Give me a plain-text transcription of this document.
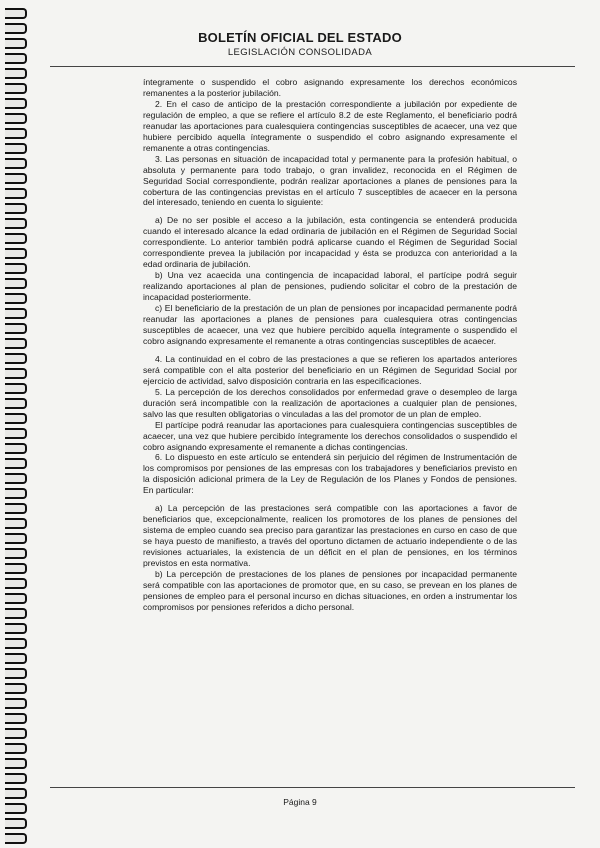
BOLETÍN OFICIAL DEL ESTADO
LEGISLACIÓN CONSOLIDADA

íntegramente o suspendido el cobro asignando expresamente los derechos económicos remanentes a la posterior jubilación.

2. En el caso de anticipo de la prestación correspondiente a jubilación por expediente de regulación de empleo, a que se refiere el artículo 8.2 de este Reglamento, el beneficiario podrá reanudar las aportaciones para cualesquiera contingencias susceptibles de acaecer, una vez que hubiere percibido aquella íntegramente o suspendido el cobro asignando expresamente el remanente a otras contingencias.

3. Las personas en situación de incapacidad total y permanente para la profesión habitual, o absoluta y permanente para todo trabajo, o gran invalidez, reconocida en el Régimen de Seguridad Social correspondiente, podrán realizar aportaciones a planes de pensiones para la cobertura de las contingencias previstas en el artículo 7 susceptibles de acaecer en la persona del interesado, teniendo en cuenta lo siguiente:

a) De no ser posible el acceso a la jubilación, esta contingencia se entenderá producida cuando el interesado alcance la edad ordinaria de jubilación en el Régimen de Seguridad Social correspondiente. Lo anterior también podrá aplicarse cuando el Régimen de Seguridad Social correspondiente prevea la jubilación por incapacidad y ésta se produzca con anterioridad a la edad ordinaria de jubilación.

b) Una vez acaecida una contingencia de incapacidad laboral, el partícipe podrá seguir realizando aportaciones al plan de pensiones, pudiendo solicitar el cobro de la prestación de incapacidad posteriormente.

c) El beneficiario de la prestación de un plan de pensiones por incapacidad permanente podrá reanudar las aportaciones a planes de pensiones para cualesquiera otras contingencias susceptibles de acaecer, una vez que hubiere percibido aquella íntegramente o suspendido el cobro asignando expresamente el remanente a otras contingencias susceptibles de acaecer.

4. La continuidad en el cobro de las prestaciones a que se refieren los apartados anteriores será compatible con el alta posterior del beneficiario en un Régimen de Seguridad Social por ejercicio de actividad, salvo disposición contraria en las especificaciones.

5. La percepción de los derechos consolidados por enfermedad grave o desempleo de larga duración será incompatible con la realización de aportaciones a cualquier plan de pensiones, salvo las que resulten obligatorias o vinculadas a las del promotor de un plan de empleo.

El partícipe podrá reanudar las aportaciones para cualesquiera contingencias susceptibles de acaecer, una vez que hubiere percibido íntegramente los derechos consolidados o suspendido el cobro asignando expresamente el remanente a dichas contingencias.

6. Lo dispuesto en este artículo se entenderá sin perjuicio del régimen de Instrumentación de los compromisos por pensiones de las empresas con los trabajadores y beneficiarios previsto en la disposición adicional primera de la Ley de Regulación de los Planes y Fondos de pensiones. En particular:

a) La percepción de las prestaciones será compatible con las aportaciones a favor de beneficiarios que, excepcionalmente, realicen los promotores de los planes de pensiones del sistema de empleo cuando sea preciso para garantizar las prestaciones en curso en caso de que se haya puesto de manifiesto, a través del oportuno dictamen de actuario independiente o de las revisiones actuariales, la existencia de un déficit en el plan de pensiones, en los términos previstos en esta normativa.

b) La percepción de prestaciones de los planes de pensiones por incapacidad permanente será compatible con las aportaciones de promotor que, en su caso, se prevean en los planes de pensiones de empleo para el personal incurso en dichas situaciones, en orden a instrumentar los compromisos por pensiones referidos a dicho personal.

Página 9
